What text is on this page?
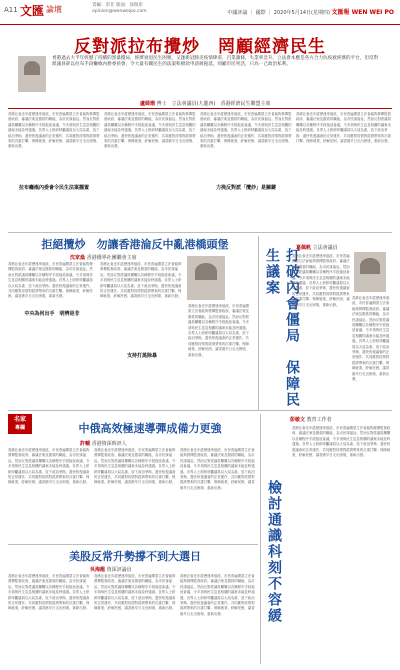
A11 文匯 論壇	責編：余非 版面：徐瑞彤
opinion@wenweipo.com	中國評論 ｜ 國際 ｜ 2020年5月14日(星期四) 文匯報 WEN WEI PO
反對派拉布攪炒　罔顧經濟民生
香港過去大半年經歷了持續的黑暴攪局，經濟衰退民生困頓，又逢新冠肺炎疫情肆虐，百業蕭條，失業率急升。立法會本應是各方合力抗疫救經濟的平台，但反對派議員卻以拉布手段癱瘓內務委員會，令大量有關民生的法案和撥款申請被拖延，罔顧市民死活，只為一己政治私利。
盧綺珊 博士　立法會議員(九龍西)　香港經濟民生聯盟主席
香港社會近年經歷連串風波，市民普遍期望立法會能夠發揮監督政府、審議法案及撥款的職能，為市民謀福祉。然而反對派議員屢屢以各種程序手段拖延會議，令多項與民生息息相關的議案未能及時通過。各界人士紛紛呼籲議員以大局為重，放下政治爭拗，盡快恢復議會的正常運作，共同應對疫情對經濟帶來的沉重打擊，保障就業，紓解民困，讓香港早日走出困境，重新出發。
香港社會近年經歷連串風波，市民普遍期望立法會能夠發揮監督政府、審議法案及撥款的職能，為市民謀福祉。然而反對派議員屢屢以各種程序手段拖延會議，令多項與民生息息相關的議案未能及時通過。各界人士紛紛呼籲議員以大局為重，放下政治爭拗，盡快恢復議會的正常運作，共同應對疫情對經濟帶來的沉重打擊，保障就業，紓解民困，讓香港早日走出困境，重新出發。
香港社會近年經歷連串風波，市民普遍期望立法會能夠發揮監督政府、審議法案及撥款的職能，為市民謀福祉。然而反對派議員屢屢以各種程序手段拖延會議，令多項與民生息息相關的議案未能及時通過。各界人士紛紛呼籲議員以大局為重，放下政治爭拗，盡快恢復議會的正常運作，共同應對疫情對經濟帶來的沉重打擊，保障就業，紓解民困，讓香港早日走出困境，重新出發。
香港社會近年經歷連串風波，市民普遍期望立法會能夠發揮監督政府、審議法案及撥款的職能，為市民謀福祉。然而反對派議員屢屢以各種程序手段拖延會議，令多項與民生息息相關的議案未能及時通過。各界人士紛紛呼籲議員以大局為重，放下政治爭拗，盡快恢復議會的正常運作，共同應對疫情對經濟帶來的沉重打擊，保障就業，紓解民困，讓香港早日走出困境，重新出發。
拉布癱瘓內委會令民生法案擱置	力挽反對派「攬炒」是關鍵
拒絕攬炒　勿讓香港淪反中亂港橋頭堡
沈家燊 香港僑界社團聯會主席
香港社會近年經歷連串風波，市民普遍期望立法會能夠發揮監督政府、審議法案及撥款的職能，為市民謀福祉。然而反對派議員屢屢以各種程序手段拖延會議，令多項與民生息息相關的議案未能及時通過。各界人士紛紛呼籲議員以大局為重，放下政治爭拗，盡快恢復議會的正常運作，共同應對疫情對經濟帶來的沉重打擊，保障就業，紓解民困，讓香港早日走出困境，重新出發。
香港社會近年經歷連串風波，市民普遍期望立法會能夠發揮監督政府、審議法案及撥款的職能，為市民謀福祉。然而反對派議員屢屢以各種程序手段拖延會議，令多項與民生息息相關的議案未能及時通過。各界人士紛紛呼籲議員以大局為重，放下政治爭拗，盡快恢復議會的正常運作，共同應對疫情對經濟帶來的沉重打擊，保障就業，紓解民困，讓香港早日走出困境，重新出發。
香港社會近年經歷連串風波，市民普遍期望立法會能夠發揮監督政府、審議法案及撥款的職能，為市民謀福祉。然而反對派議員屢屢以各種程序手段拖延會議，令多項與民生息息相關的議案未能及時通過。各界人士紛紛呼籲議員以大局為重，放下政治爭拗，盡快恢復議會的正常運作，共同應對疫情對經濟帶來的沉重打擊，保障就業，紓解民困，讓香港早日走出困境，重新出發。
中央為何出手　明辨是非
支持打黑除暴	打破內會僵局　保障民生議案	葛佩帆 立法會議員
香港社會近年經歷連串風波，市民普遍期望立法會能夠發揮監督政府、審議法案及撥款的職能，為市民謀福祉。然而反對派議員屢屢以各種程序手段拖延會議，令多項與民生息息相關的議案未能及時通過。各界人士紛紛呼籲議員以大局為重，放下政治爭拗，盡快恢復議會的正常運作，共同應對疫情對經濟帶來的沉重打擊，保障就業，紓解民困，讓香港早日走出困境，重新出發。
香港社會近年經歷連串風波，市民普遍期望立法會能夠發揮監督政府、審議法案及撥款的職能，為市民謀福祉。然而反對派議員屢屢以各種程序手段拖延會議，令多項與民生息息相關的議案未能及時通過。各界人士紛紛呼籲議員以大局為重，放下政治爭拗，盡快恢復議會的正常運作，共同應對疫情對經濟帶來的沉重打擊，保障就業，紓解民困，讓香港早日走出困境，重新出發。
名家
專欄	中俄高效極速導彈成備力更強
許輔 香港資深時評人
香港社會近年經歷連串風波，市民普遍期望立法會能夠發揮監督政府、審議法案及撥款的職能，為市民謀福祉。然而反對派議員屢屢以各種程序手段拖延會議，令多項與民生息息相關的議案未能及時通過。各界人士紛紛呼籲議員以大局為重，放下政治爭拗，盡快恢復議會的正常運作，共同應對疫情對經濟帶來的沉重打擊，保障就業，紓解民困，讓香港早日走出困境，重新出發。
香港社會近年經歷連串風波，市民普遍期望立法會能夠發揮監督政府、審議法案及撥款的職能，為市民謀福祉。然而反對派議員屢屢以各種程序手段拖延會議，令多項與民生息息相關的議案未能及時通過。各界人士紛紛呼籲議員以大局為重，放下政治爭拗，盡快恢復議會的正常運作，共同應對疫情對經濟帶來的沉重打擊，保障就業，紓解民困，讓香港早日走出困境，重新出發。
香港社會近年經歷連串風波，市民普遍期望立法會能夠發揮監督政府、審議法案及撥款的職能，為市民謀福祉。然而反對派議員屢屢以各種程序手段拖延會議，令多項與民生息息相關的議案未能及時通過。各界人士紛紛呼籲議員以大局為重，放下政治爭拗，盡快恢復議會的正常運作，共同應對疫情對經濟帶來的沉重打擊，保障就業，紓解民困，讓香港早日走出困境，重新出發。
彭敏文 教育工作者
檢討通識科刻不容緩
香港社會近年經歷連串風波，市民普遍期望立法會能夠發揮監督政府、審議法案及撥款的職能，為市民謀福祉。然而反對派議員屢屢以各種程序手段拖延會議，令多項與民生息息相關的議案未能及時通過。各界人士紛紛呼籲議員以大局為重，放下政治爭拗，盡快恢復議會的正常運作，共同應對疫情對經濟帶來的沉重打擊，保障就業，紓解民困，讓香港早日走出困境，重新出發。
美股反常升勢撐不到大選日
吳海龍 資深評論員
香港社會近年經歷連串風波，市民普遍期望立法會能夠發揮監督政府、審議法案及撥款的職能，為市民謀福祉。然而反對派議員屢屢以各種程序手段拖延會議，令多項與民生息息相關的議案未能及時通過。各界人士紛紛呼籲議員以大局為重，放下政治爭拗，盡快恢復議會的正常運作，共同應對疫情對經濟帶來的沉重打擊，保障就業，紓解民困，讓香港早日走出困境，重新出發。
香港社會近年經歷連串風波，市民普遍期望立法會能夠發揮監督政府、審議法案及撥款的職能，為市民謀福祉。然而反對派議員屢屢以各種程序手段拖延會議，令多項與民生息息相關的議案未能及時通過。各界人士紛紛呼籲議員以大局為重，放下政治爭拗，盡快恢復議會的正常運作，共同應對疫情對經濟帶來的沉重打擊，保障就業，紓解民困，讓香港早日走出困境，重新出發。
香港社會近年經歷連串風波，市民普遍期望立法會能夠發揮監督政府、審議法案及撥款的職能，為市民謀福祉。然而反對派議員屢屢以各種程序手段拖延會議，令多項與民生息息相關的議案未能及時通過。各界人士紛紛呼籲議員以大局為重，放下政治爭拗，盡快恢復議會的正常運作，共同應對疫情對經濟帶來的沉重打擊，保障就業，紓解民困，讓香港早日走出困境，重新出發。
